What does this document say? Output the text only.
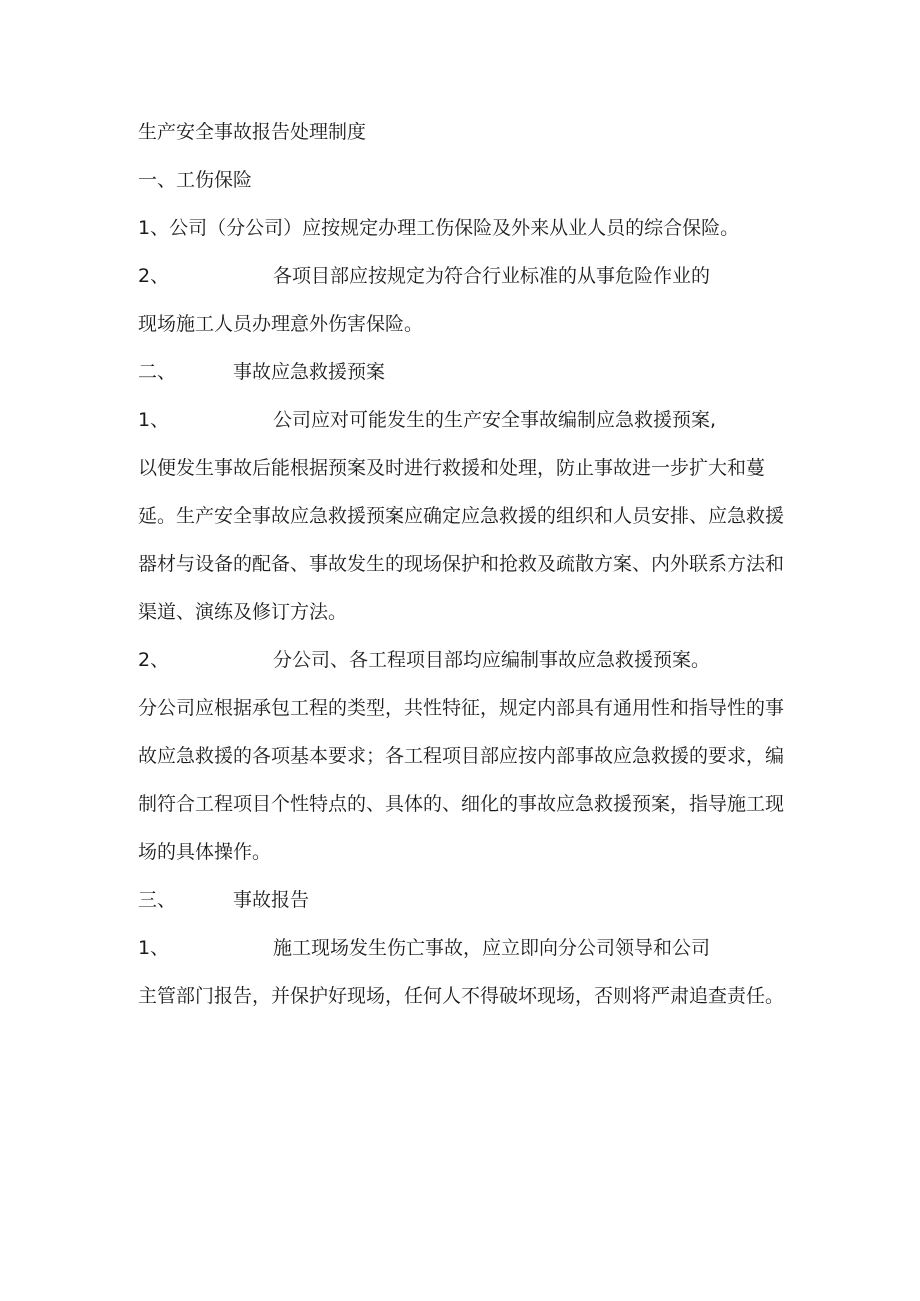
生产安全事故报告处理制度
一、工伤保险
1、公司（分公司）应按规定办理工伤保险及外来从业人员的综合保险。
2、	各项目部应按规定为符合行业标准的从事危险作业的
现场施工人员办理意外伤害保险。
二、	事故应急救援预案
1、	公司应对可能发生的生产安全事故编制应急救援预案,
以便发生事故后能根据预案及时进行救援和处理，防止事故进一步扩大和蔓延。生产安全事故应急救援预案应确定应急救援的组织和人员安排、应急救援器材与设备的配备、事故发生的现场保护和抢救及疏散方案、内外联系方法和渠道、演练及修订方法。
2、	分公司、各工程项目部均应编制事故应急救援预案。
分公司应根据承包工程的类型，共性特征，规定内部具有通用性和指导性的事故应急救援的各项基本要求；各工程项目部应按内部事故应急救援的要求，编制符合工程项目个性特点的、具体的、细化的事故应急救援预案，指导施工现场的具体操作。
三、	事故报告
1、	施工现场发生伤亡事故，应立即向分公司领导和公司
主管部门报告，并保护好现场，任何人不得破坏现场，否则将严肃追查责任。
